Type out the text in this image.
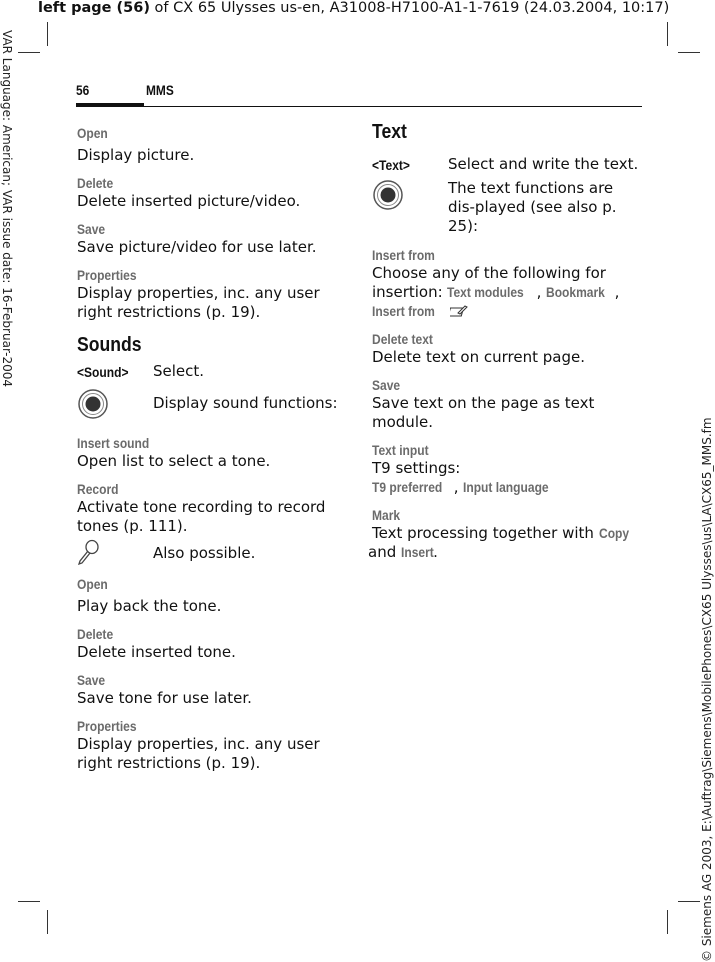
left page (56) of CX 65 Ulysses us-en, A31008-H7100-A1-1-7619 (24.03.2004, 10:17)
VAR Language: American; VAR issue date: 16-Februar-2004
© Siemens AG 2003, E:\Auftrag\Siemens\MobilePhones\CX65 Ulysses\us\LA\CX65_MMS.fm
56	MMS
Open
Display picture.
Delete
Delete inserted picture/video.
Save
Save picture/video for use later.
Properties
Display properties, inc. any user right restrictions (p. 19).
Sounds
<Sound>	Select.
Display sound functions:
Insert sound
Open list to select a tone.
Record
Activate tone recording to record tones (p. 111).
Also possible.
Open
Play back the tone.
Delete
Delete inserted tone.
Save
Save tone for use later.
Properties
Display properties, inc. any user right restrictions (p. 19).
Text
<Text>	Select and write the text.
The text functions are dis-played (see also p. 25):
Insert from
Choose any of the following for insertion: Text modules , Bookmark ,
Insert from
Delete text
Delete text on current page.
Save
Save text on the page as text module.
Text input
T9 settings:
T9 preferred , Input language
Mark
Text processing together with Copy
and Insert.
